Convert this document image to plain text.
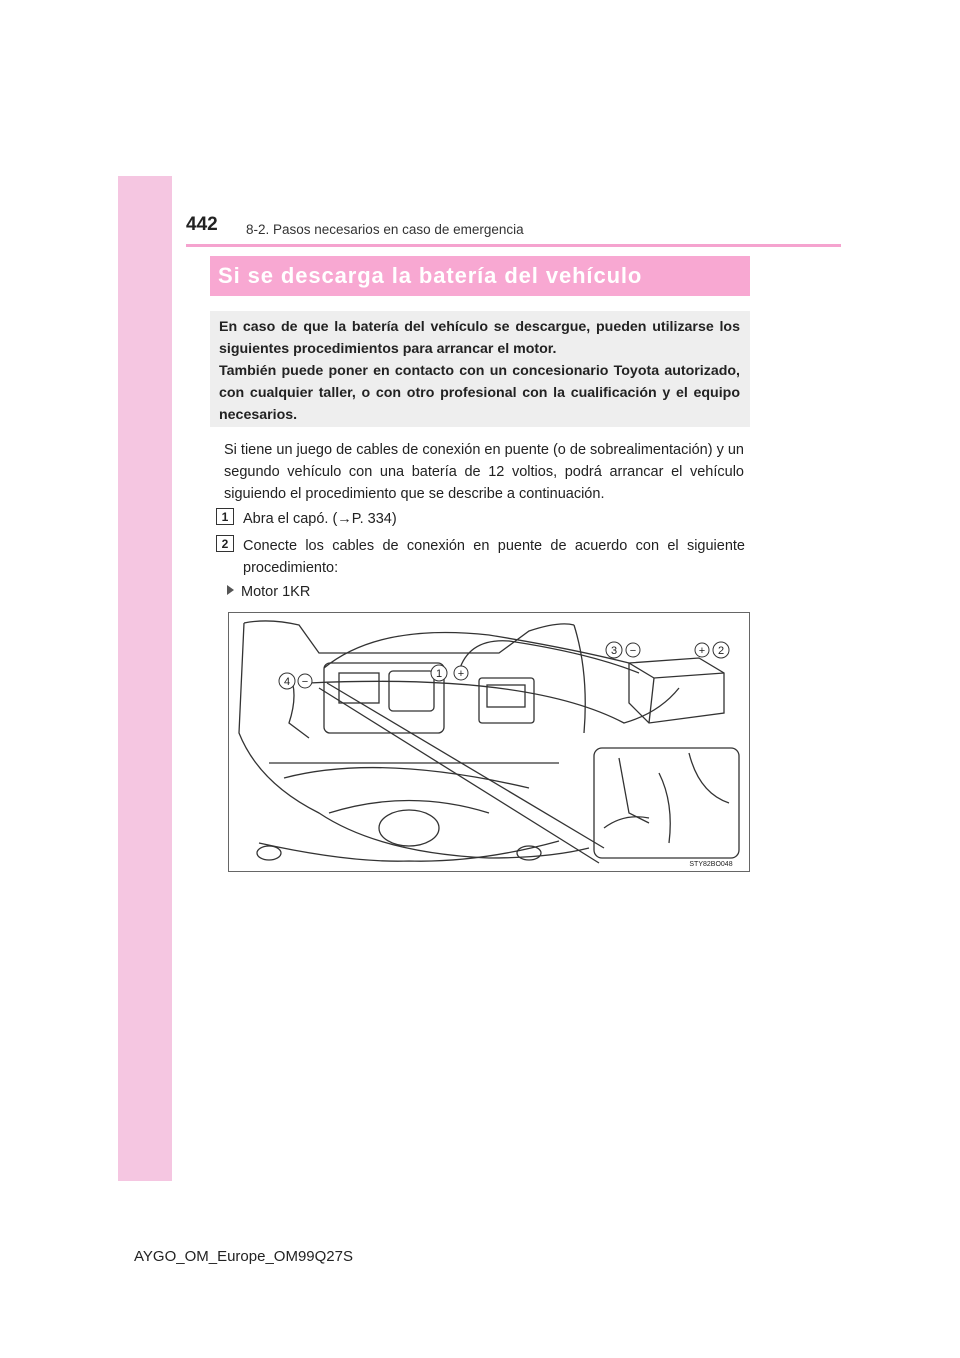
442 8-2. Pasos necesarios en caso de emergencia
Si se descarga la batería del vehículo

En caso de que la batería del vehículo se descargue, pueden utilizarse los siguientes procedimientos para arrancar el motor.

También puede poner en contacto con un concesionario Toyota autorizado, con cualquier taller, o con otro profesional con la cualificación y el equipo necesarios.

Si tiene un juego de cables de conexión en puente (o de sobrealimentación) y un segundo vehículo con una batería de 12 voltios, podrá arrancar el vehículo siguiendo el procedimiento que se describe a continuación.

1	Abra el capó. (→P. 334)
2	Conecte los cables de conexión en puente de acuerdo con el siguiente procedimiento:
Motor 1KR
1 +
2
+
3 −
4 −
STY82BO048
AYGO_OM_Europe_OM99Q27S
